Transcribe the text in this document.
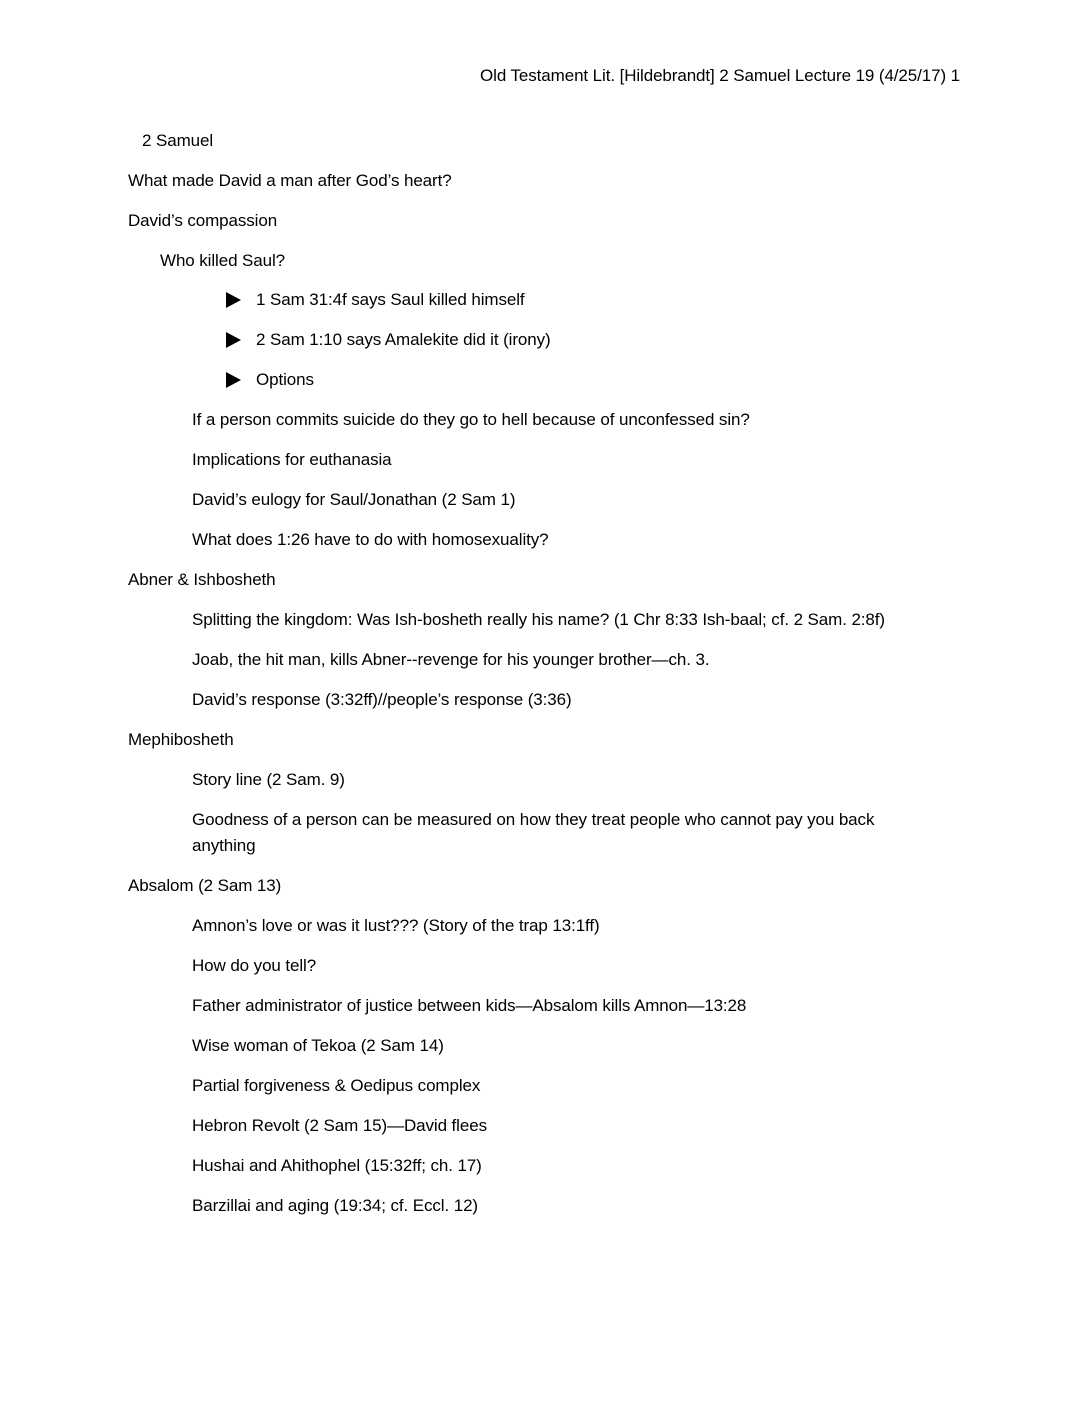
Old Testament Lit. [Hildebrandt] 2 Samuel Lecture 19 (4/25/17) 1
2 Samuel
What made David a man after God’s heart?
David’s compassion
Who killed Saul?
1 Sam 31:4f says Saul killed himself
2 Sam 1:10 says Amalekite did it (irony)
Options
If a person commits suicide do they go to hell because of unconfessed sin?
Implications for euthanasia
David’s eulogy for Saul/Jonathan (2 Sam 1)
What does 1:26 have to do with homosexuality?
Abner & Ishbosheth
Splitting the kingdom: Was Ish-bosheth really his name? (1 Chr 8:33 Ish-baal; cf. 2 Sam. 2:8f)
Joab, the hit man, kills Abner--revenge for his younger brother—ch. 3.
David’s response (3:32ff)//people’s response (3:36)
Mephibosheth
Story line (2 Sam. 9)
Goodness of a person can be measured on how they treat people who cannot pay you back anything
Absalom (2 Sam 13)
Amnon’s love or was it lust??? (Story of the trap 13:1ff)
How do you tell?
Father administrator of justice between kids—Absalom kills Amnon—13:28
Wise woman of Tekoa (2 Sam 14)
Partial forgiveness & Oedipus complex
Hebron Revolt (2 Sam 15)—David flees
Hushai and Ahithophel (15:32ff; ch. 17)
Barzillai and aging (19:34; cf. Eccl. 12)
